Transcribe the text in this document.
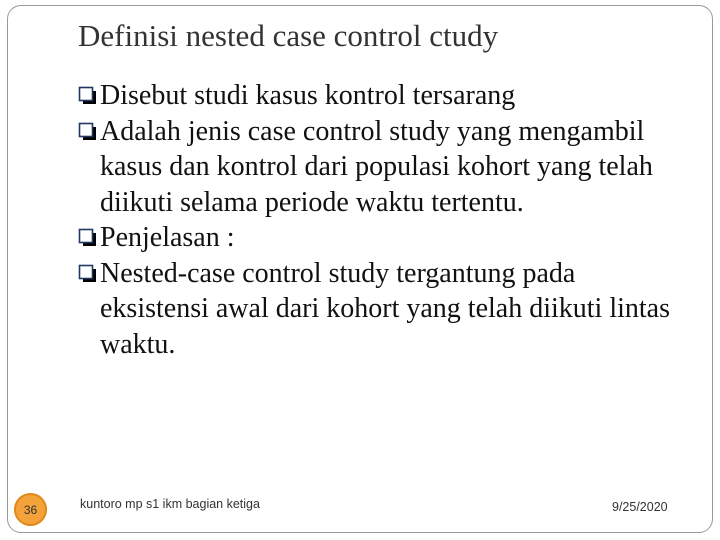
Definisi nested case control ctudy
Disebut studi kasus kontrol tersarang
Adalah jenis case control study yang mengambil kasus dan kontrol dari populasi kohort yang telah diikuti selama periode waktu tertentu.
Penjelasan :
Nested-case control study tergantung pada eksistensi awal dari kohort yang telah diikuti lintas waktu.
36	kuntoro mp s1 ikm bagian ketiga	9/25/2020
